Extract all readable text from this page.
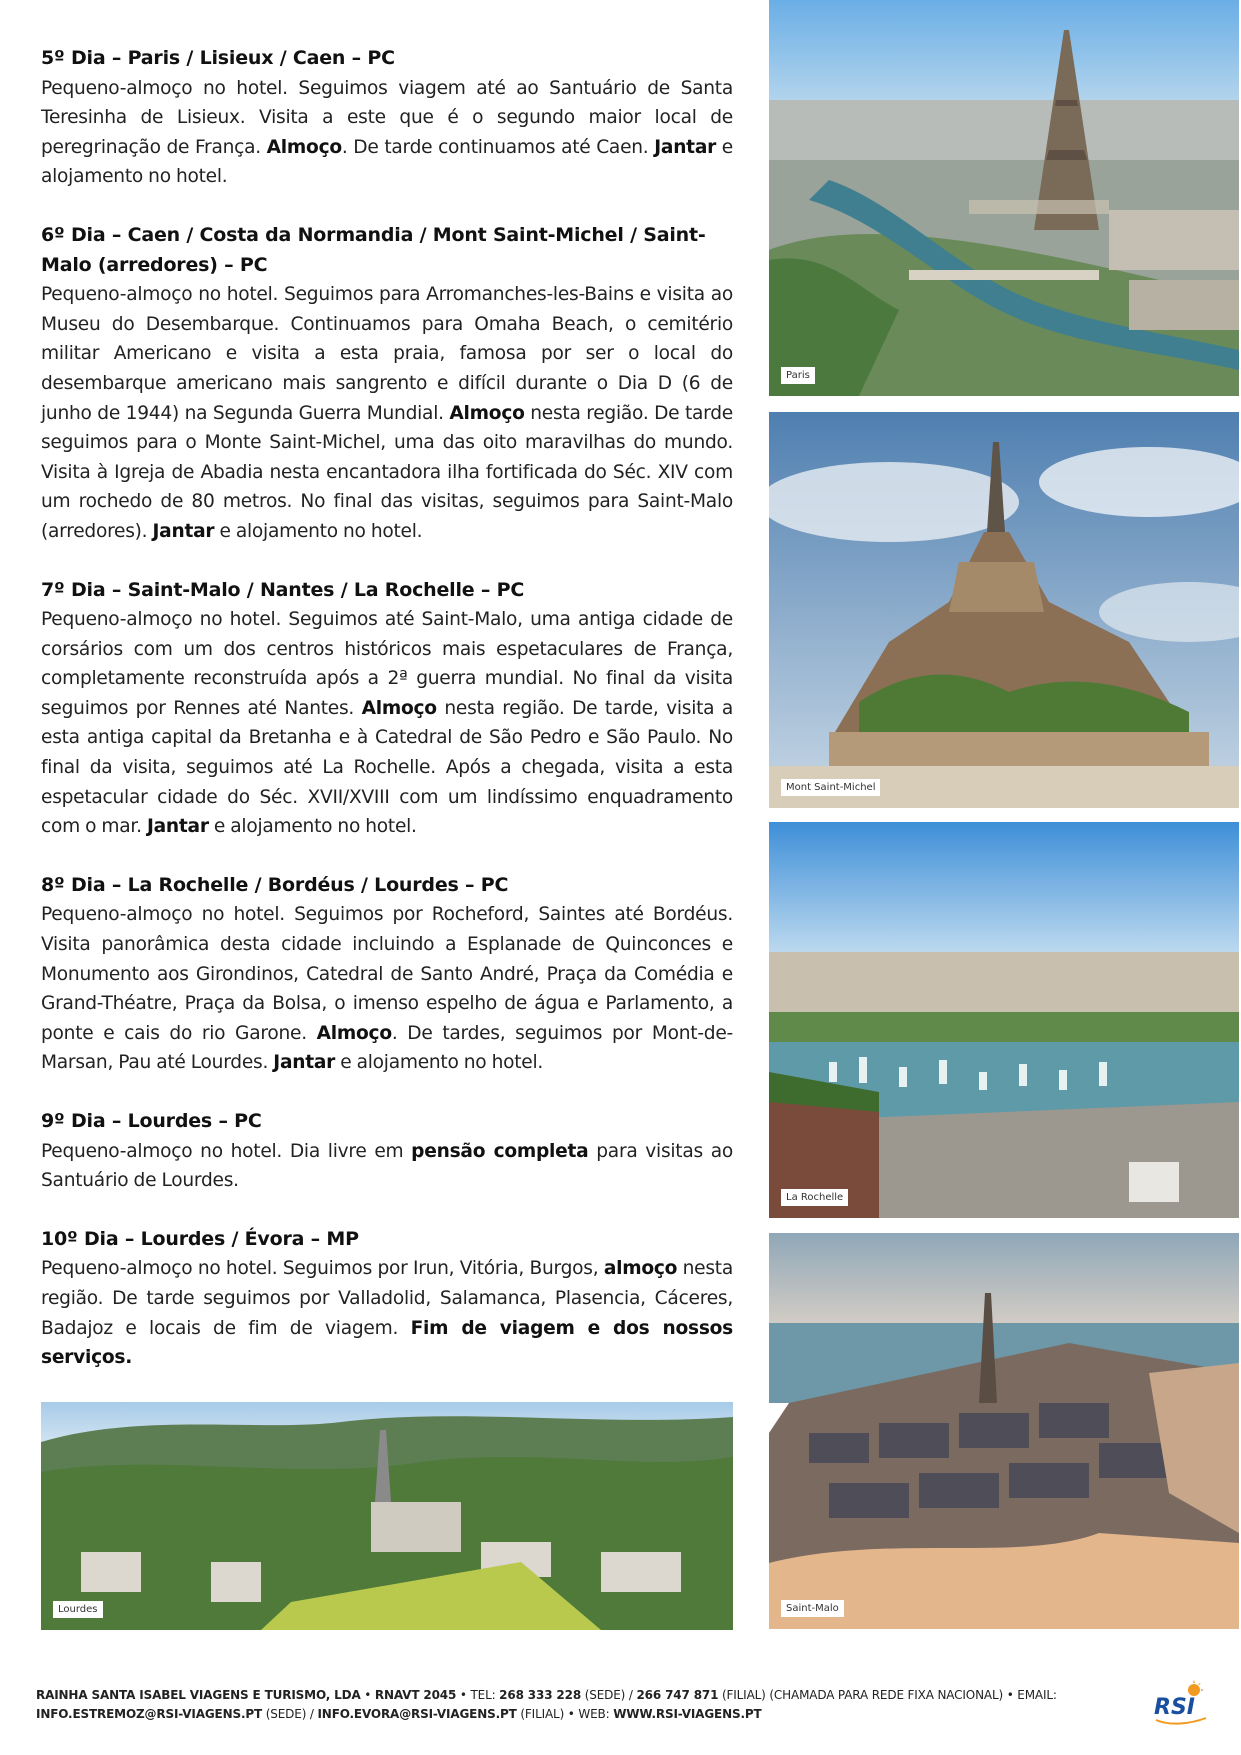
5º Dia – Paris / Lisieux / Caen – PC

Pequeno-almoço no hotel. Seguimos viagem até ao Santuário de Santa Teresinha de Lisieux. Visita a este que é o segundo maior local de peregrinação de França. Almoço. De tarde continuamos até Caen. Jantar e alojamento no hotel.

6º Dia – Caen / Costa da Normandia / Mont Saint-Michel / Saint-Malo (arredores) – PC

Pequeno-almoço no hotel. Seguimos para Arromanches-les-Bains e visita ao Museu do Desembarque. Continuamos para Omaha Beach, o cemitério militar Americano e visita a esta praia, famosa por ser o local do desembarque americano mais sangrento e difícil durante o Dia D (6 de junho de 1944) na Segunda Guerra Mundial. Almoço nesta região. De tarde seguimos para o Monte Saint-Michel, uma das oito maravilhas do mundo. Visita à Igreja de Abadia nesta encantadora ilha fortificada do Séc. XIV com um rochedo de 80 metros. No final das visitas, seguimos para Saint-Malo (arredores). Jantar e alojamento no hotel.

7º Dia – Saint-Malo / Nantes / La Rochelle – PC

Pequeno-almoço no hotel. Seguimos até Saint-Malo, uma antiga cidade de corsários com um dos centros históricos mais espetaculares de França, completamente reconstruída após a 2ª guerra mundial. No final da visita seguimos por Rennes até Nantes. Almoço nesta região. De tarde, visita a esta antiga capital da Bretanha e à Catedral de São Pedro e São Paulo. No final da visita, seguimos até La Rochelle. Após a chegada, visita a esta espetacular cidade do Séc. XVII/XVIII com um lindíssimo enquadramento com o mar. Jantar e alojamento no hotel.

8º Dia – La Rochelle / Bordéus / Lourdes – PC

Pequeno-almoço no hotel. Seguimos por Rocheford, Saintes até Bordéus. Visita panorâmica desta cidade incluindo a Esplanade de Quinconces e Monumento aos Girondinos, Catedral de Santo André, Praça da Comédia e Grand-Théatre, Praça da Bolsa, o imenso espelho de água e Parlamento, a ponte e cais do rio Garone. Almoço. De tardes, seguimos por Mont-de-Marsan, Pau até Lourdes. Jantar e alojamento no hotel.

9º Dia – Lourdes – PC

Pequeno-almoço no hotel. Dia livre em pensão completa para visitas ao Santuário de Lourdes.

10º Dia – Lourdes / Évora – MP

Pequeno-almoço no hotel. Seguimos por Irun, Vitória, Burgos, almoço nesta região. De tarde seguimos por Valladolid, Salamanca, Plasencia, Cáceres, Badajoz e locais de fim de viagem. Fim de viagem e dos nossos serviços.

Paris
Mont Saint-Michel
La Rochelle
Saint-Malo
Lourdes
RAINHA SANTA ISABEL VIAGENS E TURISMO, LDA • RNAVT 2045 • TEL: 268 333 228 (SEDE) / 266 747 871 (FILIAL) (CHAMADA PARA REDE FIXA NACIONAL) • EMAIL: INFO.ESTREMOZ@RSI-VIAGENS.PT (SEDE) / INFO.EVORA@RSI-VIAGENS.PT (FILIAL) • WEB: WWW.RSI-VIAGENS.PT	RSI
